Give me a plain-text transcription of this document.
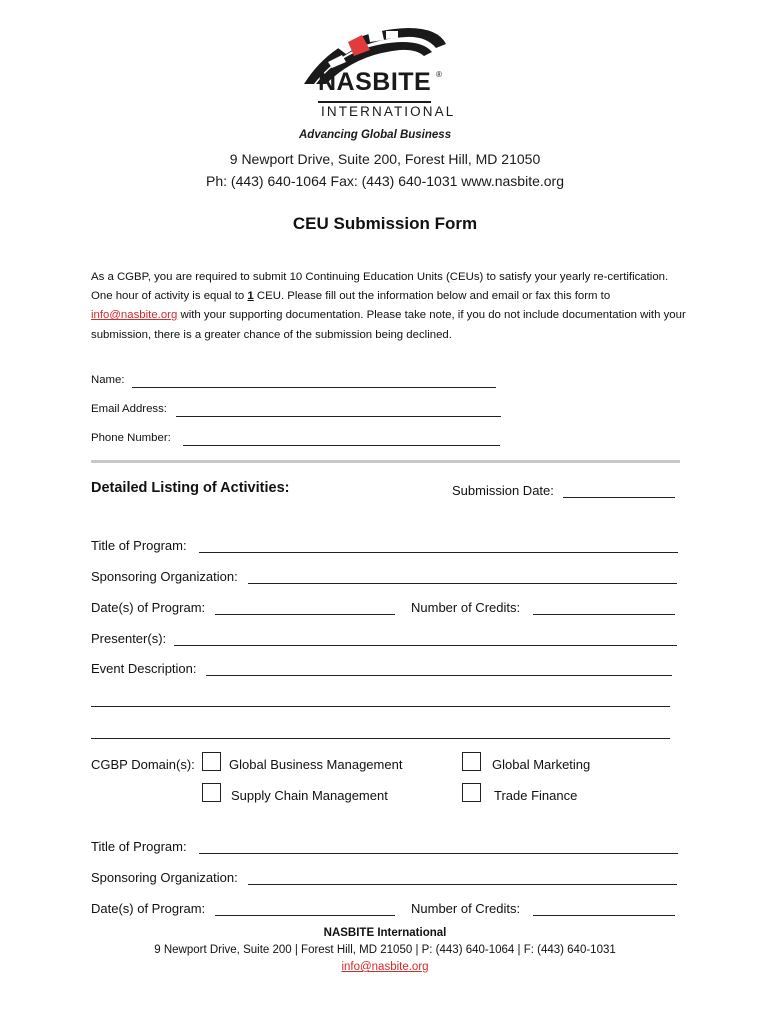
NASBITE ®
INTERNATIONAL
Advancing Global Business
9 Newport Drive, Suite 200, Forest Hill, MD 21050
Ph: (443) 640-1064 Fax: (443) 640-1031 www.nasbite.org
CEU Submission Form
As a CGBP, you are required to submit 10 Continuing Education Units (CEUs) to satisfy your yearly re-certification. One hour of activity is equal to 1 CEU. Please fill out the information below and email or fax this form to info@nasbite.org with your supporting documentation. Please take note, if you do not include documentation with your submission, there is a greater chance of the submission being declined.
Name:
Email Address:
Phone Number:
Detailed Listing of Activities:	Submission Date:
Title of Program:
Sponsoring Organization:
Date(s) of Program:	Number of Credits:
Presenter(s):
Event Description:
CGBP Domain(s):	Global Business Management	Global Marketing
Supply Chain Management	Trade Finance
Title of Program:
Sponsoring Organization:
Date(s) of Program:	Number of Credits:
NASBITE International
9 Newport Drive, Suite 200 | Forest Hill, MD 21050 | P: (443) 640-1064 | F: (443) 640-1031
info@nasbite.org
